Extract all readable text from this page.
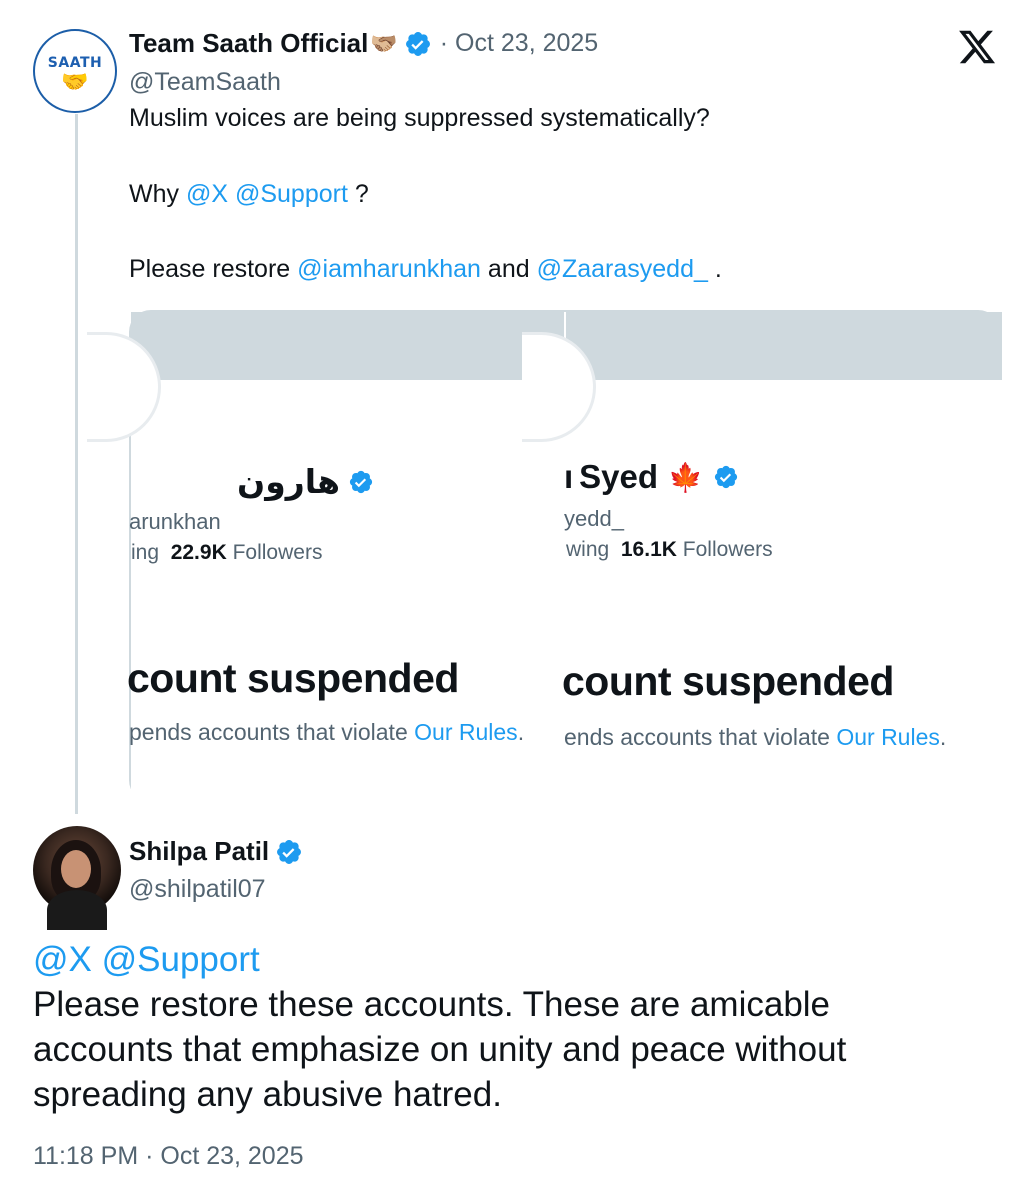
SAATH
🤝
Team Saath Official 🫱🏼‍🫲🏽 · Oct 23, 2025
@TeamSaath
Muslim voices are being suppressed systematically?
Why @X @Support ?
Please restore @iamharunkhan and @Zaarasyedd_ .
هارون
arunkhan
ing 22.9K Followers
count suspended
pends accounts that violate Our Rules.
ı Syed 🍁
yedd_
wing 16.1K Followers
count suspended
ends accounts that violate Our Rules.
Shilpa Patil
@shilpatil07
@X @Support
Please restore these accounts. These are amicable
accounts that emphasize on unity and peace without
spreading any abusive hatred.
11:18 PM · Oct 23, 2025
